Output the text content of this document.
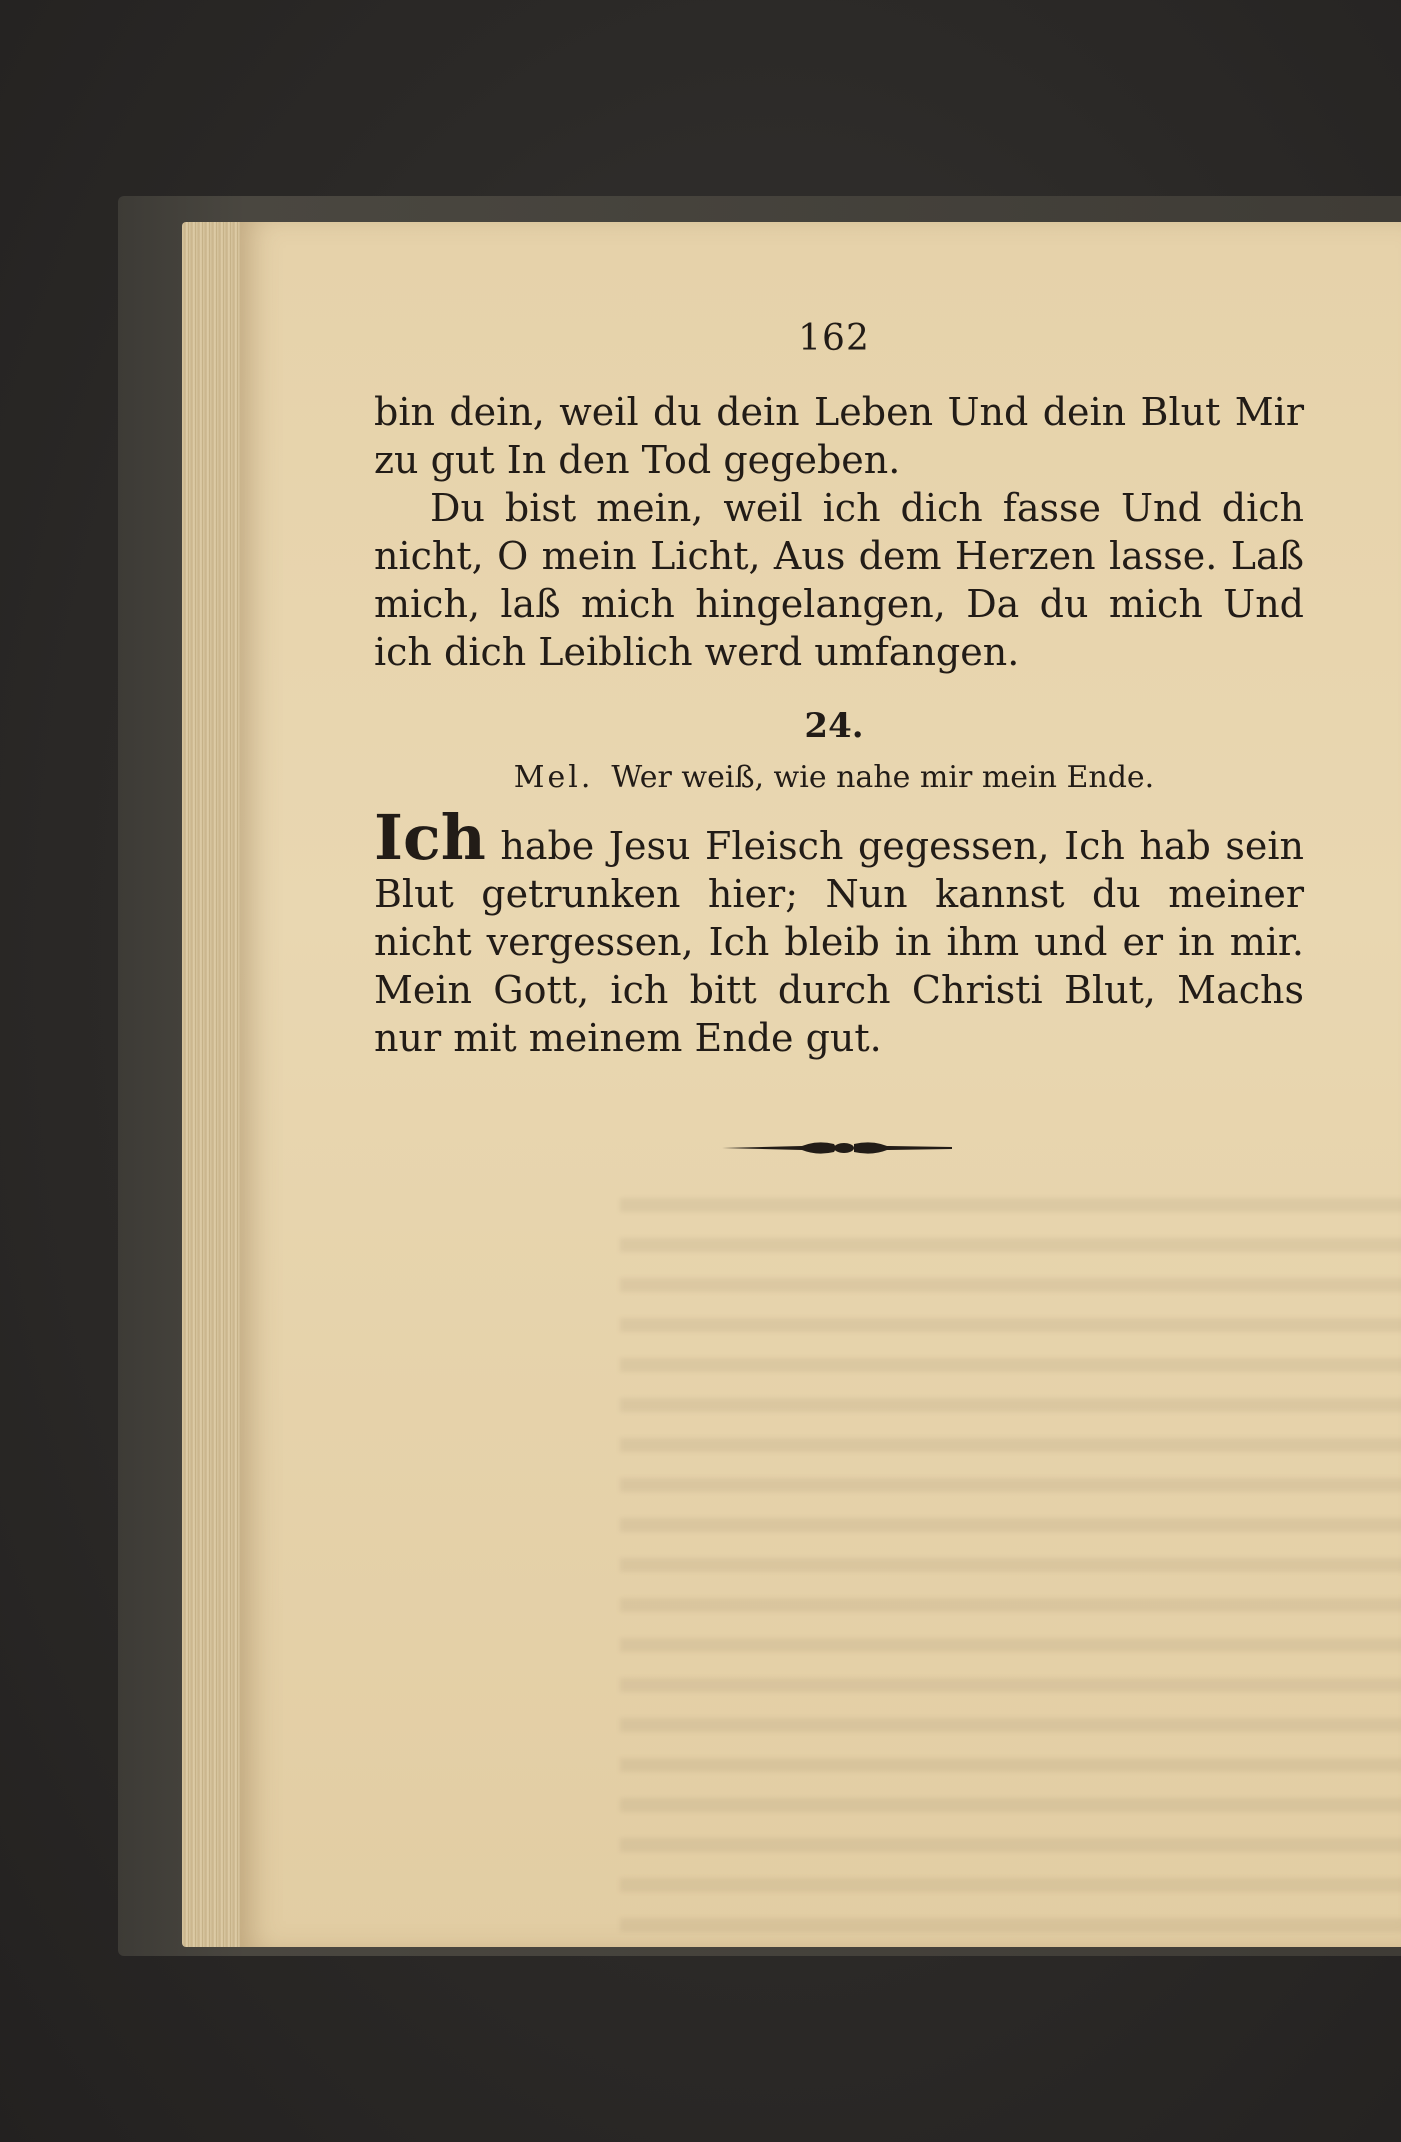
162

bin dein, weil du dein Leben Und dein Blut Mir zu gut In den Tod gegeben.

Du bist mein, weil ich dich fasse Und dich nicht, O mein Licht, Aus dem Herzen lasse. Laß mich, laß mich hingelangen, Da du mich Und ich dich Leiblich werd umfangen.

24.
Mel. Wer weiß, wie nahe mir mein Ende.

Ich habe Jesu Fleisch gegessen, Ich hab sein Blut getrunken hier; Nun kannst du meiner nicht vergessen, Ich bleib in ihm und er in mir. Mein Gott, ich bitt durch Christi Blut, Machs nur mit meinem Ende gut.
